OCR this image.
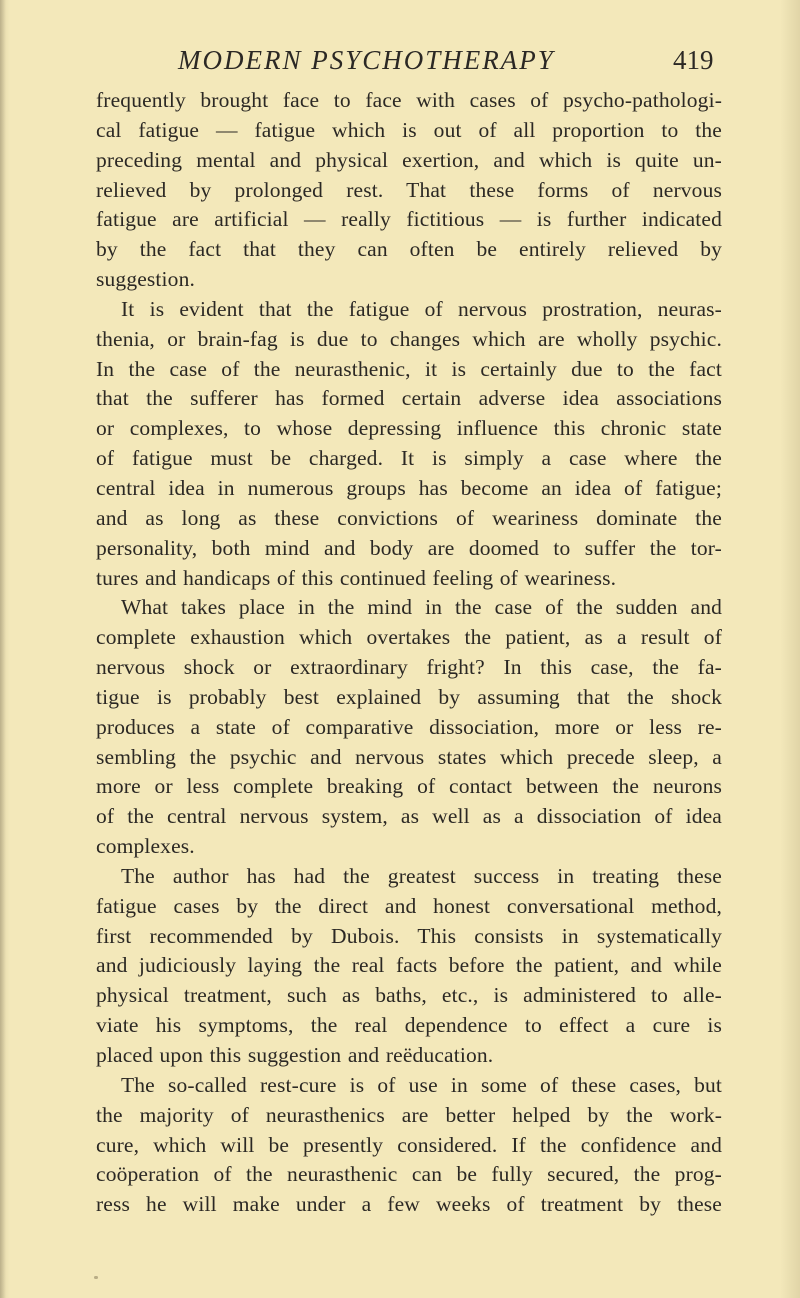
MODERN PSYCHOTHERAPY	419
frequently brought face to face with cases of psycho-pathologi-
cal fatigue — fatigue which is out of all proportion to the
preceding mental and physical exertion, and which is quite un-
relieved by prolonged rest. That these forms of nervous
fatigue are artificial — really fictitious — is further indicated
by the fact that they can often be entirely relieved by
suggestion.
It is evident that the fatigue of nervous prostration, neuras-
thenia, or brain-fag is due to changes which are wholly psychic.
In the case of the neurasthenic, it is certainly due to the fact
that the sufferer has formed certain adverse idea associations
or complexes, to whose depressing influence this chronic state
of fatigue must be charged. It is simply a case where the
central idea in numerous groups has become an idea of fatigue;
and as long as these convictions of weariness dominate the
personality, both mind and body are doomed to suffer the tor-
tures and handicaps of this continued feeling of weariness.
What takes place in the mind in the case of the sudden and
complete exhaustion which overtakes the patient, as a result of
nervous shock or extraordinary fright? In this case, the fa-
tigue is probably best explained by assuming that the shock
produces a state of comparative dissociation, more or less re-
sembling the psychic and nervous states which precede sleep, a
more or less complete breaking of contact between the neurons
of the central nervous system, as well as a dissociation of idea
complexes.
The author has had the greatest success in treating these
fatigue cases by the direct and honest conversational method,
first recommended by Dubois. This consists in systematically
and judiciously laying the real facts before the patient, and while
physical treatment, such as baths, etc., is administered to alle-
viate his symptoms, the real dependence to effect a cure is
placed upon this suggestion and reëducation.
The so-called rest-cure is of use in some of these cases, but
the majority of neurasthenics are better helped by the work-
cure, which will be presently considered. If the confidence and
coöperation of the neurasthenic can be fully secured, the prog-
ress he will make under a few weeks of treatment by these
